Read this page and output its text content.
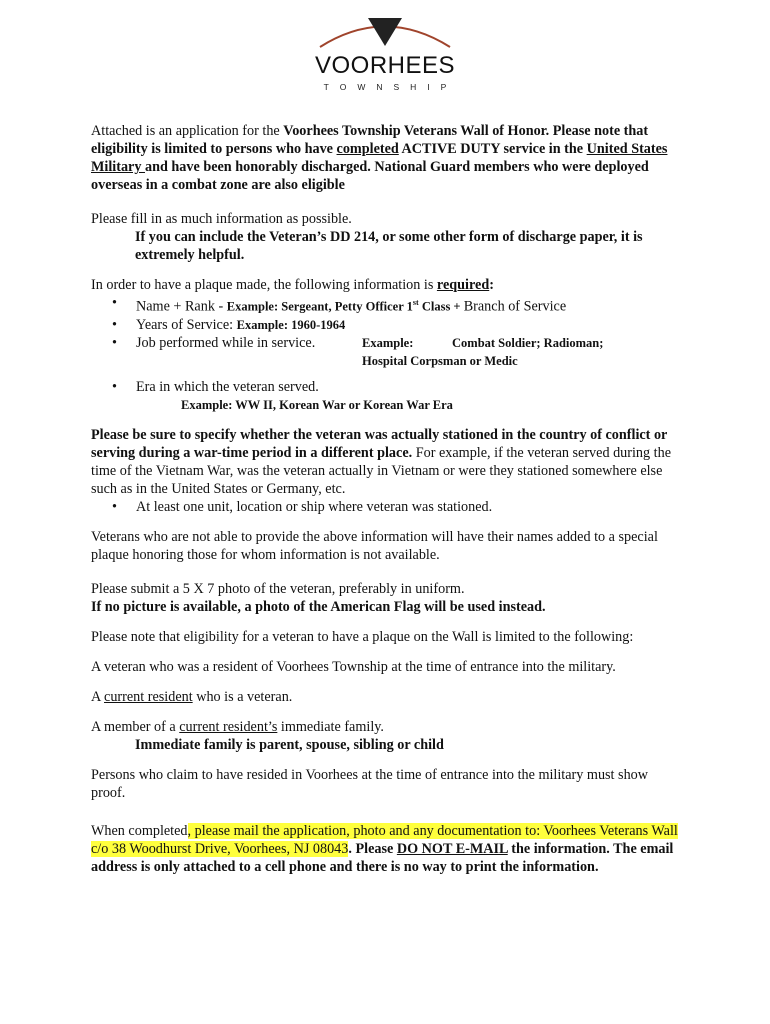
VOORHEES
TOWNSHIP

Attached is an application for the Voorhees Township Veterans Wall of Honor. Please note that eligibility is limited to persons who have completed ACTIVE DUTY service in the United States Military and have been honorably discharged. National Guard members who were deployed overseas in a combat zone are also eligible

Please fill in as much information as possible.

If you can include the Veteran’s DD 214, or some other form of discharge paper, it is extremely helpful.

In order to have a plaque made, the following information is required:

• Name + Rank - Example: Sergeant, Petty Officer 1st Class + Branch of Service
• Years of Service: Example: 1960-1964
• Job performed while in service.	Example:	Combat Soldier; Radioman;
Hospital Corpsman or Medic
• Era in which the veteran served.

Example: WW II, Korean War or Korean War Era

Please be sure to specify whether the veteran was actually stationed in the country of conflict or serving during a war-time period in a different place. For example, if the veteran served during the time of the Vietnam War, was the veteran actually in Vietnam or were they stationed somewhere else such as in the United States or Germany, etc.

• At least one unit, location or ship where veteran was stationed.

Veterans who are not able to provide the above information will have their names added to a special plaque honoring those for whom information is not available.

Please submit a 5 X 7 photo of the veteran, preferably in uniform.

If no picture is available, a photo of the American Flag will be used instead.

Please note that eligibility for a veteran to have a plaque on the Wall is limited to the following:

A veteran who was a resident of Voorhees Township at the time of entrance into the military.

A current resident who is a veteran.

A member of a current resident’s immediate family.

Immediate family is parent, spouse, sibling or child

Persons who claim to have resided in Voorhees at the time of entrance into the military must show proof.

When completed, please mail the application, photo and any documentation to: Voorhees Veterans Wall c/o 38 Woodhurst Drive, Voorhees, NJ 08043. Please DO NOT E-MAIL the information. The email address is only attached to a cell phone and there is no way to print the information.
